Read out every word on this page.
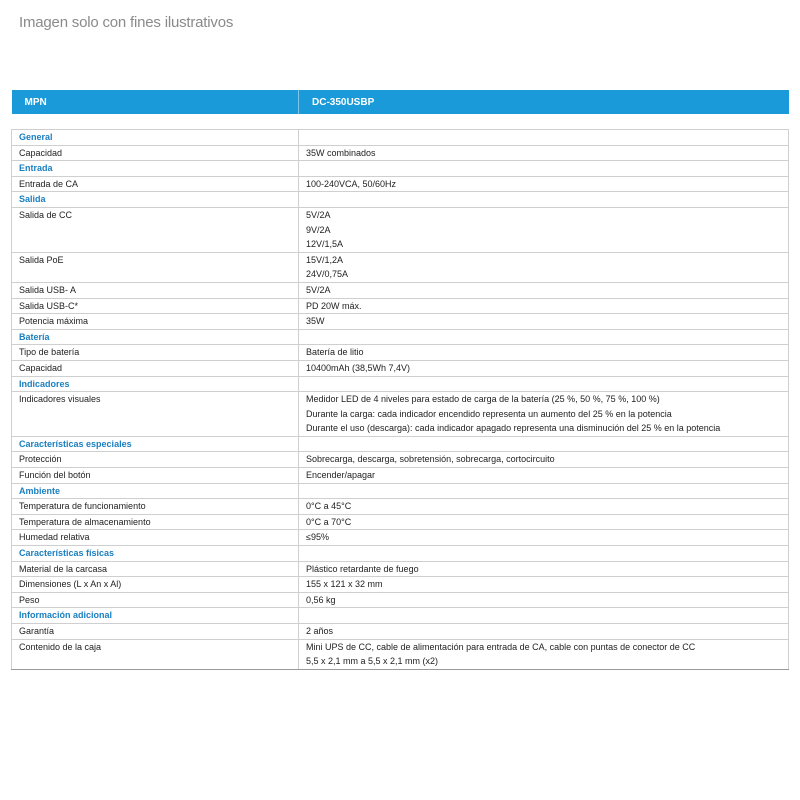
Imagen solo con fines ilustrativos
MPN	DC-350USBP

General	
Capacidad	35W combinados

Entrada	
Entrada de CA	100-240VCA, 50/60Hz

Salida	
Salida de CC	5V/2A
9V/2A
12V/1,5A

Salida PoE	15V/1,2A
24V/0,75A

Salida USB- A	5V/2A

Salida USB-C*	PD 20W máx.

Potencia máxima	35W

Batería	
Tipo de batería	Batería de litio

Capacidad	10400mAh (38,5Wh 7,4V)

Indicadores	
Indicadores visuales	Medidor LED de 4 niveles para estado de carga de la batería (25 %, 50 %, 75 %, 100 %)
Durante la carga: cada indicador encendido representa un aumento del 25 % en la potencia
Durante el uso (descarga): cada indicador apagado representa una disminución del 25 % en la potencia

Características especiales	
Protección	Sobrecarga, descarga, sobretensión, sobrecarga, cortocircuito

Función del botón	Encender/apagar

Ambiente	
Temperatura de funcionamiento	0°C a 45°C

Temperatura de almacenamiento	0°C a 70°C

Humedad relativa	≤95%

Características físicas	
Material de la carcasa	Plástico retardante de fuego

Dimensiones (L x An x Al)	155 x 121 x 32 mm

Peso	0,56 kg

Información adicional	
Garantía	2 años

Contenido de la caja	Mini UPS de CC, cable de alimentación para entrada de CA, cable con puntas de conector de CC
5,5 x 2,1 mm a 5,5 x 2,1 mm (x2)
